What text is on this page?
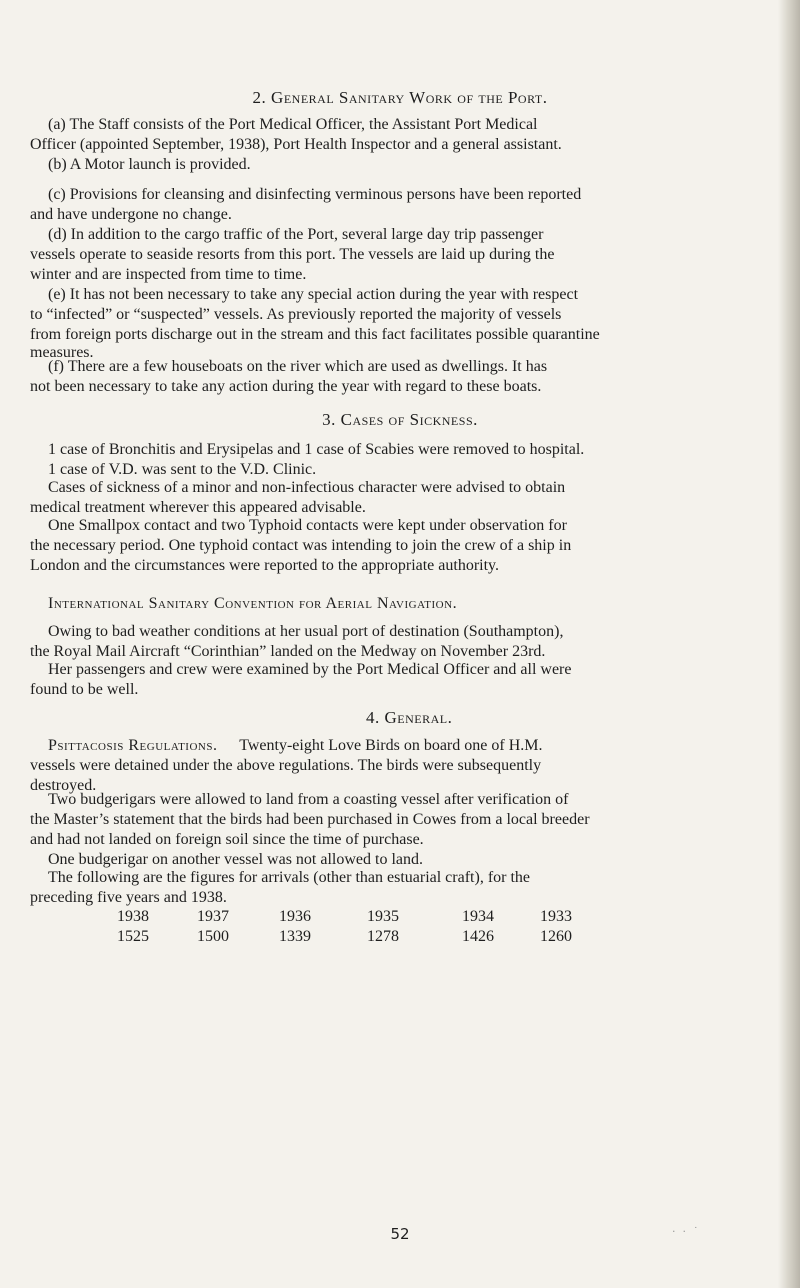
2. General Sanitary Work of the Port.
(a) The Staff consists of the Port Medical Officer, the Assistant Port Medical
Officer (appointed September, 1938), Port Health Inspector and a general assistant.
(b) A Motor launch is provided.
(c) Provisions for cleansing and disinfecting verminous persons have been reported
and have undergone no change.
(d) In addition to the cargo traffic of the Port, several large day trip passenger
vessels operate to seaside resorts from this port. The vessels are laid up during the
winter and are inspected from time to time.
(e) It has not been necessary to take any special action during the year with respect
to “infected” or “suspected” vessels. As previously reported the majority of vessels
from foreign ports discharge out in the stream and this fact facilitates possible quarantine
measures.
(f) There are a few houseboats on the river which are used as dwellings. It has
not been necessary to take any action during the year with regard to these boats.
3. Cases of Sickness.
1 case of Bronchitis and Erysipelas and 1 case of Scabies were removed to hospital.
1 case of V.D. was sent to the V.D. Clinic.
Cases of sickness of a minor and non-infectious character were advised to obtain
medical treatment wherever this appeared advisable.
One Smallpox contact and two Typhoid contacts were kept under observation for
the necessary period. One typhoid contact was intending to join the crew of a ship in
London and the circumstances were reported to the appropriate authority.
International Sanitary Convention for Aerial Navigation.
Owing to bad weather conditions at her usual port of destination (Southampton),
the Royal Mail Aircraft “Corinthian” landed on the Medway on November 23rd.
Her passengers and crew were examined by the Port Medical Officer and all were
found to be well.
4. General.
Psittacosis Regulations. Twenty-eight Love Birds on board one of H.M.
vessels were detained under the above regulations. The birds were subsequently
destroyed.
Two budgerigars were allowed to land from a coasting vessel after verification of
the Master’s statement that the birds had been purchased in Cowes from a local breeder
and had not landed on foreign soil since the time of purchase.
One budgerigar on another vessel was not allowed to land.
The following are the figures for arrivals (other than estuarial craft), for the
preceding five years and 1938.
1938	1937	1936	1935	1934	1933
1525	1500	1339	1278	1426	1260
52	·  ·  ˙
